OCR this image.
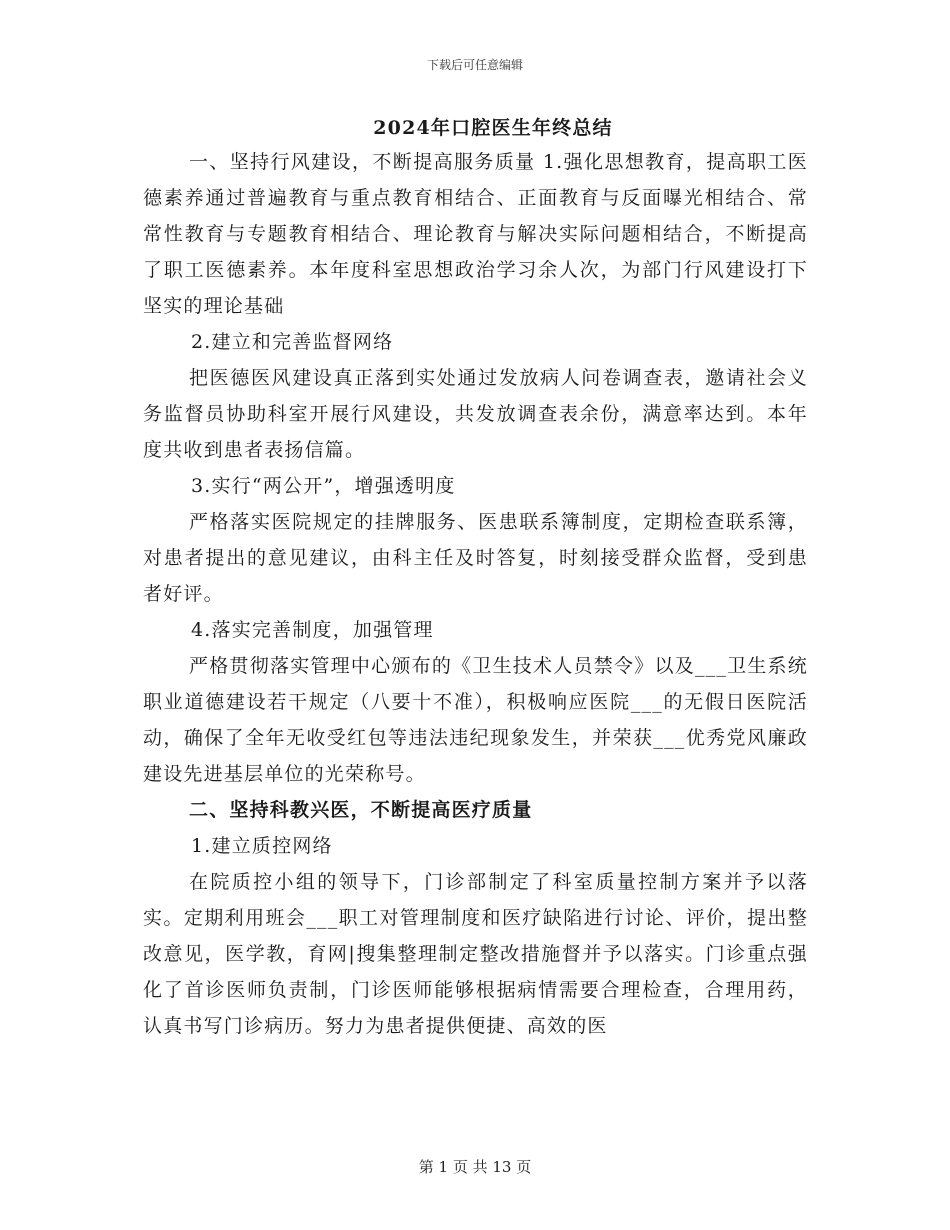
下载后可任意编辑
2024年口腔医生年终总结

一、坚持行风建设，不断提高服务质量 1.强化思想教育，提高职工医德素养通过普遍教育与重点教育相结合、正面教育与反面曝光相结合、常常性教育与专题教育相结合、理论教育与解决实际问题相结合，不断提高了职工医德素养。本年度科室思想政治学习余人次，为部门行风建设打下坚实的理论基础

2.建立和完善监督网络

把医德医风建设真正落到实处通过发放病人问卷调查表，邀请社会义务监督员协助科室开展行风建设，共发放调查表余份，满意率达到。本年度共收到患者表扬信篇。

3.实行“两公开”，增强透明度

严格落实医院规定的挂牌服务、医患联系簿制度，定期检查联系簿，对患者提出的意见建议，由科主任及时答复，时刻接受群众监督，受到患者好评。

4.落实完善制度，加强管理

严格贯彻落实管理中心颁布的《卫生技术人员禁令》以及___卫生系统职业道德建设若干规定（八要十不准），积极响应医院___的无假日医院活动，确保了全年无收受红包等违法违纪现象发生，并荣获___优秀党风廉政建设先进基层单位的光荣称号。

二、坚持科教兴医，不断提高医疗质量

1.建立质控网络

在院质控小组的领导下，门诊部制定了科室质量控制方案并予以落实。定期利用班会___职工对管理制度和医疗缺陷进行讨论、评价，提出整改意见，医学教，育网|搜集整理制定整改措施督并予以落实。门诊重点强化了首诊医师负责制，门诊医师能够根据病情需要合理检查，合理用药，认真书写门诊病历。努力为患者提供便捷、高效的医

第 1 页 共 13 页
